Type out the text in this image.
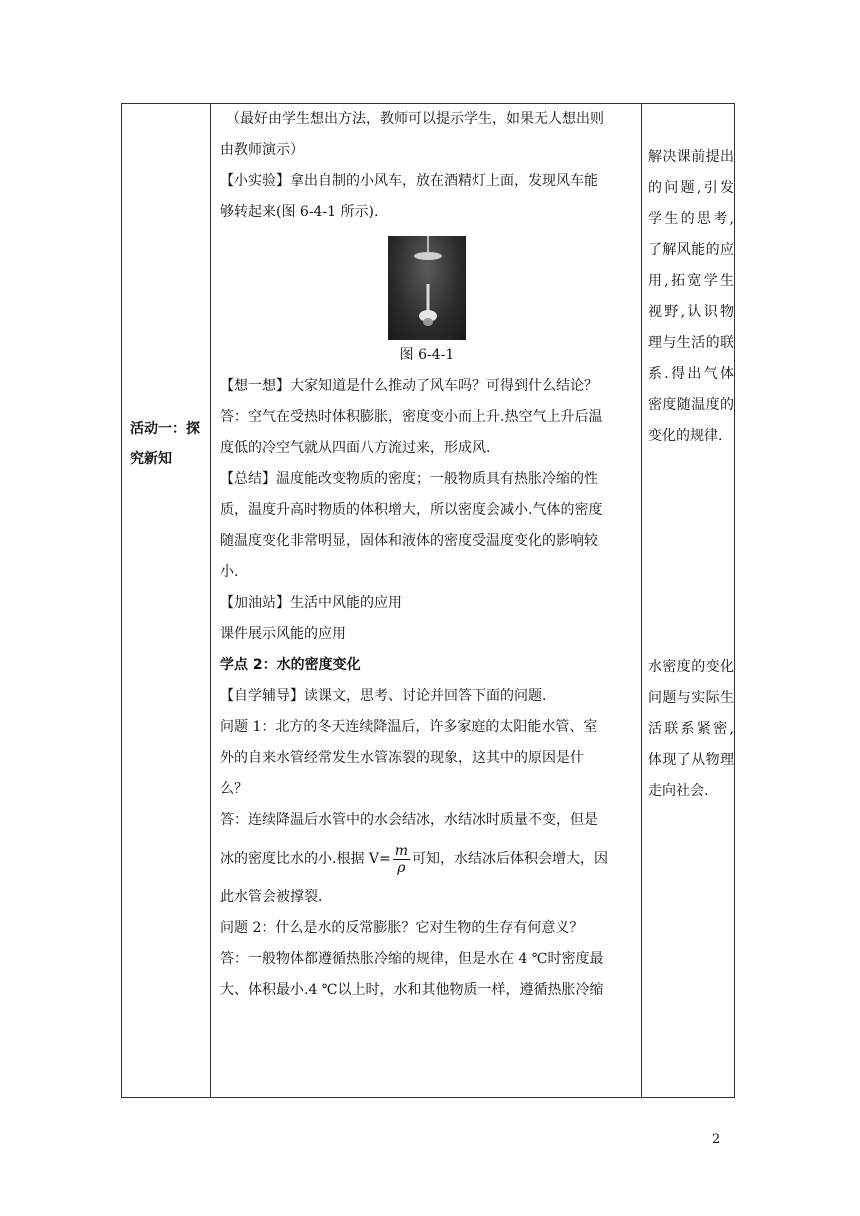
活动一：探究新知

（最好由学生想出方法，教师可以提示学生，如果无人想出则

由教师演示）

【小实验】拿出自制的小风车，放在酒精灯上面，发现风车能

够转起来(图 6-4-1 所示).

图 6-4-1

【想一想】大家知道是什么推动了风车吗？可得到什么结论？

答：空气在受热时体积膨胀，密度变小而上升.热空气上升后温

度低的冷空气就从四面八方流过来，形成风.

【总结】温度能改变物质的密度；一般物质具有热胀冷缩的性

质，温度升高时物质的体积增大，所以密度会减小.气体的密度

随温度变化非常明显，固体和液体的密度受温度变化的影响较

小.

【加油站】生活中风能的应用

课件展示风能的应用

学点 2：水的密度变化

【自学辅导】读课文，思考、讨论并回答下面的问题.

问题 1：北方的冬天连续降温后，许多家庭的太阳能水管、室

外的自来水管经常发生水管冻裂的现象，这其中的原因是什

么？

答：连续降温后水管中的水会结冰，水结冰时质量不变，但是

冰的密度比水的小.根据 $V= \frac{m}{\rho}$ 可知，水结冰后体积会增大，因

此水管会被撑裂.

问题 2：什么是水的反常膨胀？它对生物的生存有何意义？

答：一般物体都遵循热胀冷缩的规律，但是水在 4 ℃时密度最

大、体积最小.4 ℃以上时，水和其他物质一样，遵循热胀冷缩

解决课前提出的问题,引发学生的思考,了解风能的应用,拓宽学生视野,认识物理与生活的联系.得出气体密度随温度的变化的规律.
水密度的变化问题与实际生活联系紧密,体现了从物理走向社会.
2
